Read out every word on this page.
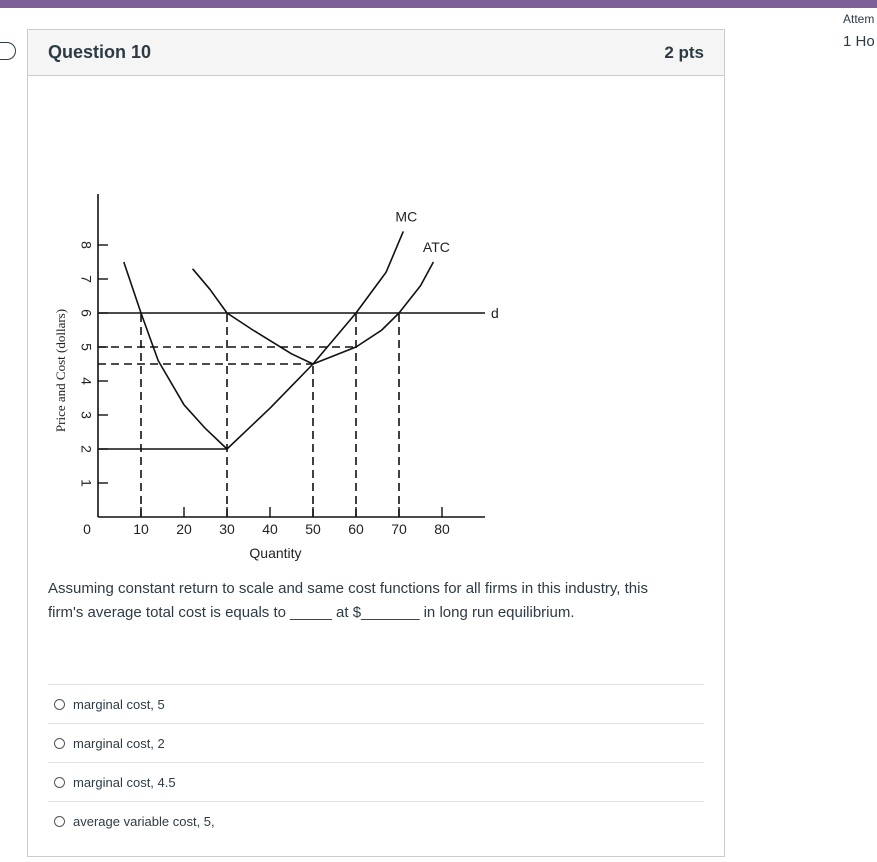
Attem
1 Ho
Question 10	2 pts
1
2
3
4
5
6
7
8
0	10 20 30 40 50 60 70 80
Quantity
Price and Cost (dollars)
MC
ATC
d
Assuming constant return to scale and same cost functions for all firms in this industry, this
firm's average total cost is equals to _____ at $_______ in long run equilibrium.
marginal cost, 5
marginal cost, 2
marginal cost, 4.5
average variable cost, 5,
